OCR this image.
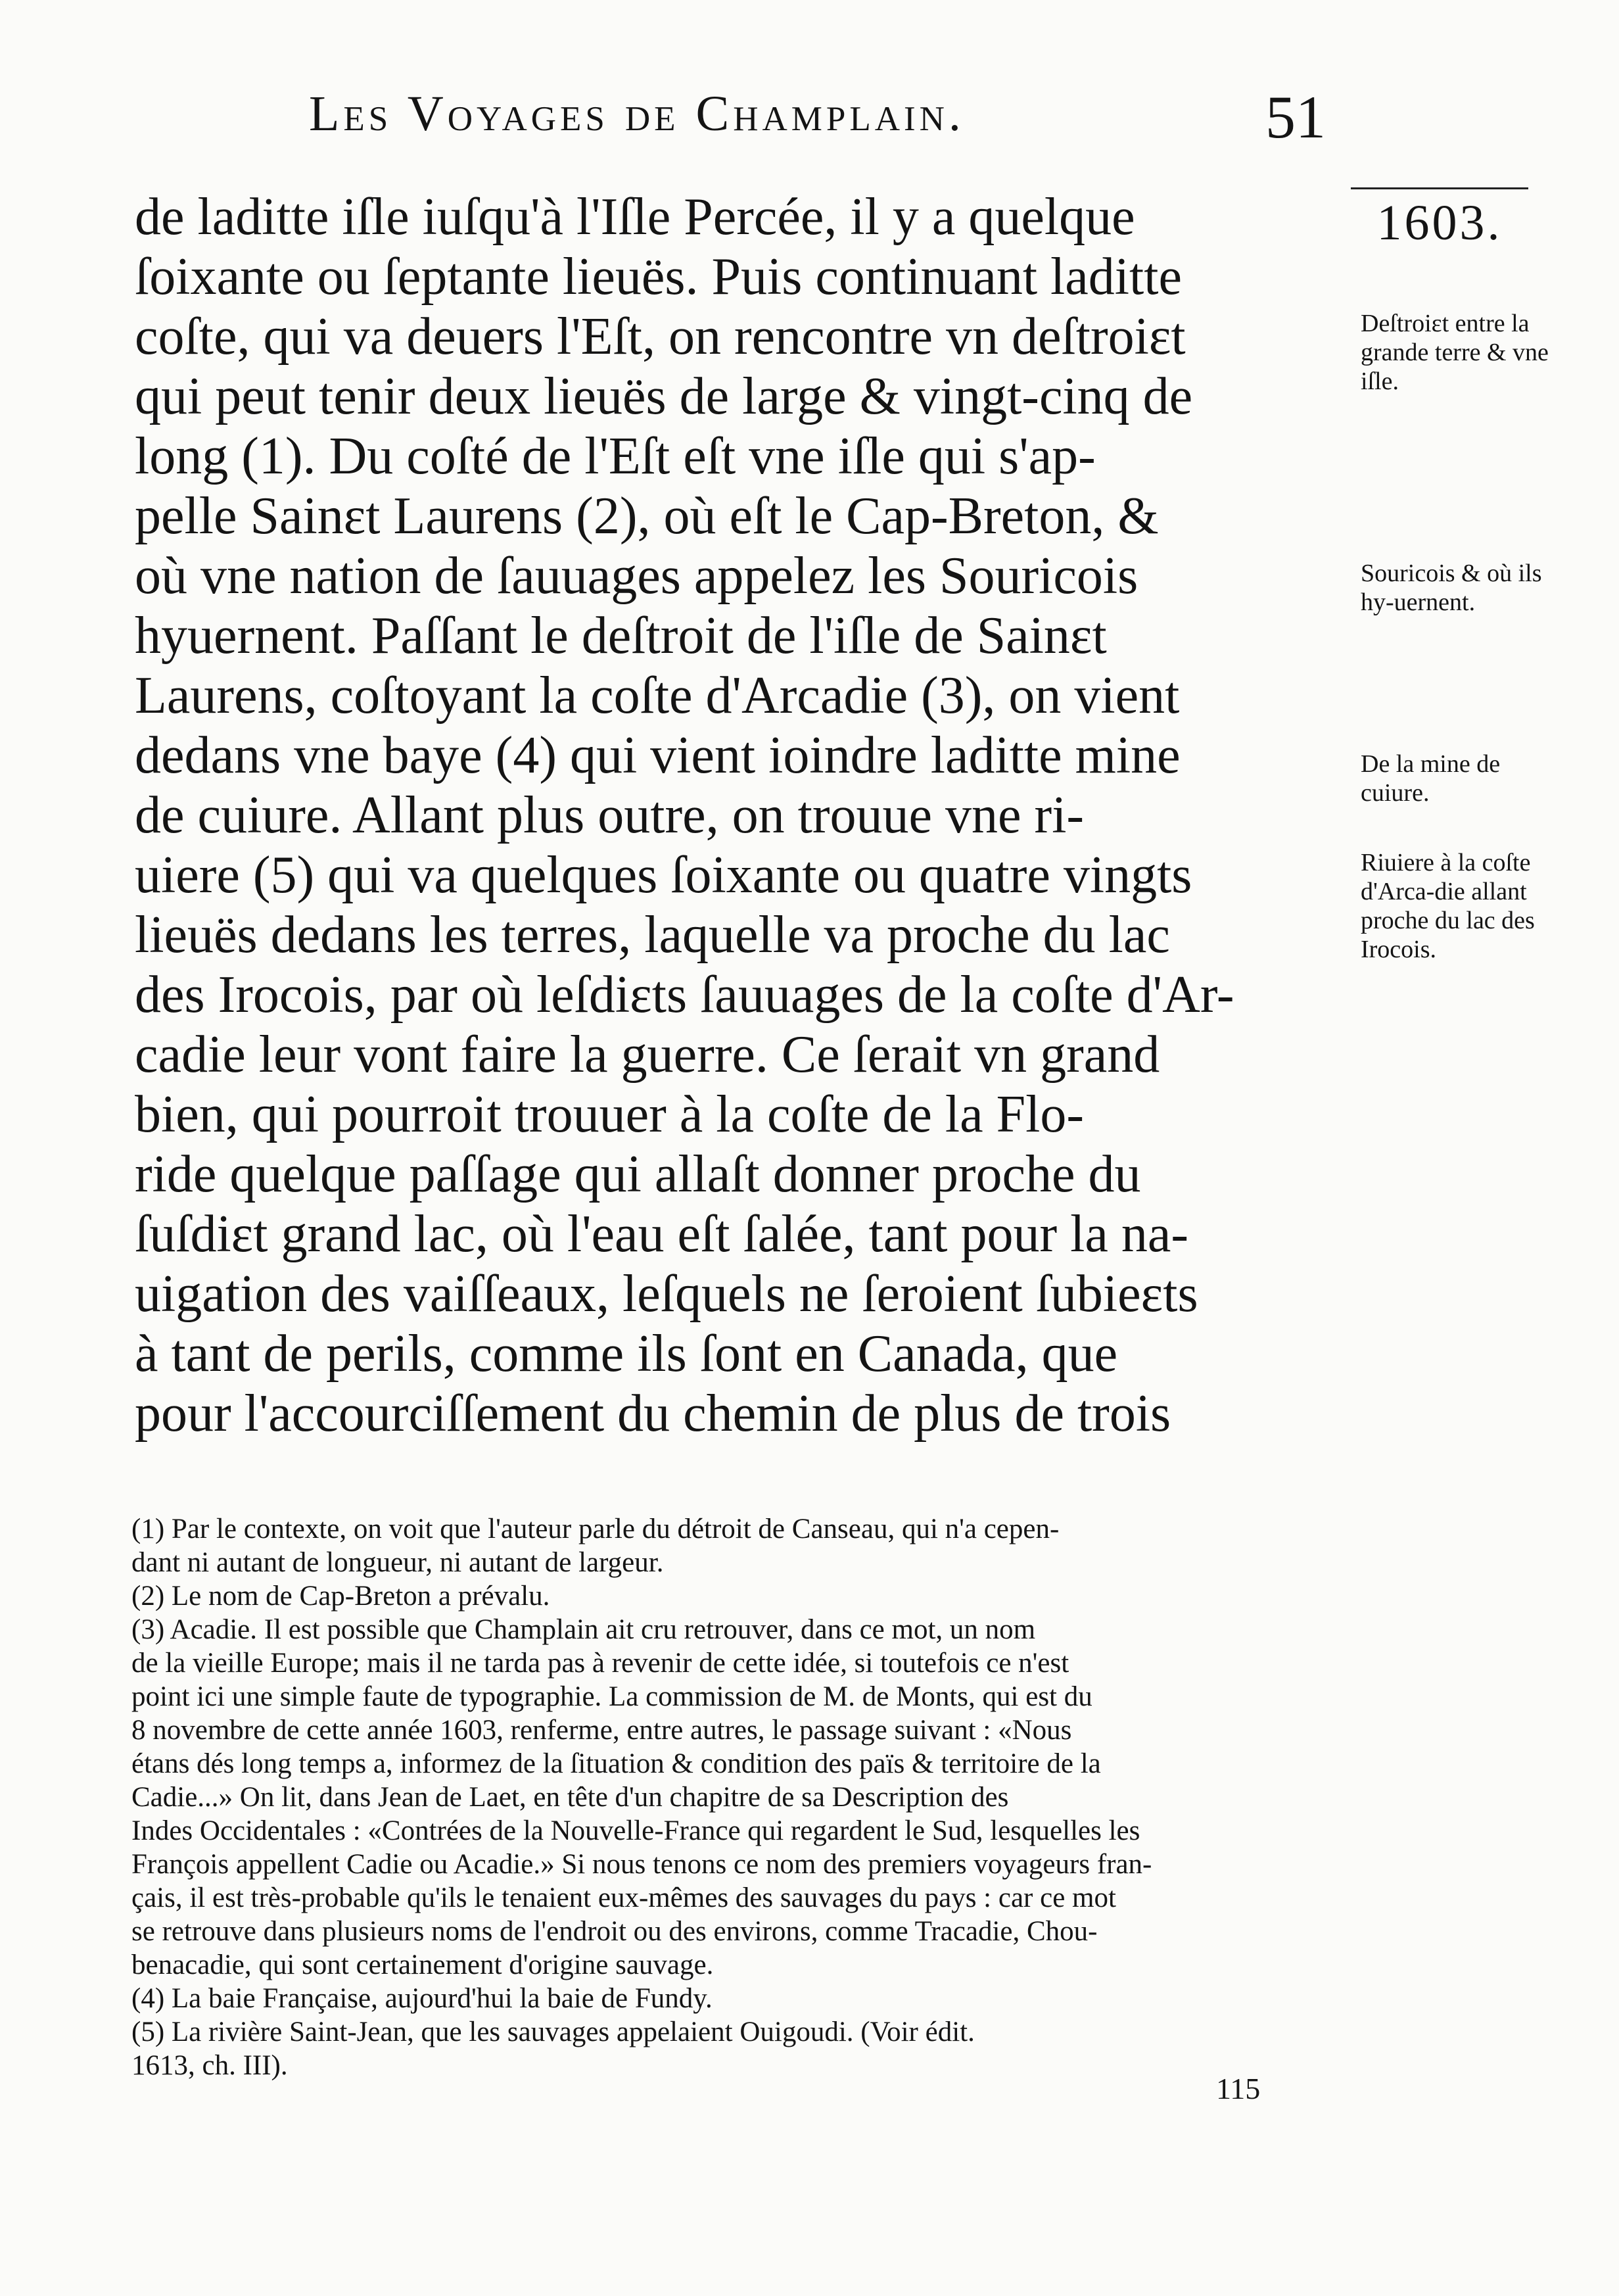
Les Voyages de Champlain.	51
de laditte iſle iuſqu'à l'Iſle Percée, il y a quelque
ſoixante ou ſeptante lieuës. Puis continuant laditte
coſte, qui va deuers l'Eſt, on rencontre vn deſtroiɛt
qui peut tenir deux lieuës de large & vingt-cinq de
long (1). Du coſté de l'Eſt eſt vne iſle qui s'ap-
pelle Sainɛt Laurens (2), où eſt le Cap-Breton, &
où vne nation de ſauuages appelez les Souricois
hyuernent. Paſſant le deſtroit de l'iſle de Sainɛt
Laurens, coſtoyant la coſte d'Arcadie (3), on vient
dedans vne baye (4) qui vient ioindre laditte mine
de cuiure. Allant plus outre, on trouue vne ri-
uiere (5) qui va quelques ſoixante ou quatre vingts
lieuës dedans les terres, laquelle va proche du lac
des Irocois, par où leſdiɛts ſauuages de la coſte d'Ar-
cadie leur vont faire la guerre. Ce ſerait vn grand
bien, qui pourroit trouuer à la coſte de la Flo-
ride quelque paſſage qui allaſt donner proche du
ſuſdiɛt grand lac, où l'eau eſt ſalée, tant pour la na-
uigation des vaiſſeaux, leſquels ne ſeroient ſubieɛts
à tant de perils, comme ils ſont en Canada, que
pour l'accourciſſement du chemin de plus de trois
1603.
Deſtroiɛt entre la grande terre & vne iſle.
Souricois & où ils hy-uernent.
De la mine de cuiure.
Riuiere à la coſte d'Arca-die allant proche du lac des Irocois.
(1) Par le contexte, on voit que l'auteur parle du détroit de Canseau, qui n'a cepen-
dant ni autant de longueur, ni autant de largeur.
(2) Le nom de Cap-Breton a prévalu.
(3) Acadie. Il est possible que Champlain ait cru retrouver, dans ce mot, un nom
de la vieille Europe; mais il ne tarda pas à revenir de cette idée, si toutefois ce n'est
point ici une simple faute de typographie. La commission de M. de Monts, qui est du
8 novembre de cette année 1603, renferme, entre autres, le passage suivant : «Nous
étans dés long temps a, informez de la ſituation & condition des païs & territoire de la
Cadie...» On lit, dans Jean de Laet, en tête d'un chapitre de sa Description des
Indes Occidentales : «Contrées de la Nouvelle-France qui regardent le Sud, lesquelles les
François appellent Cadie ou Acadie.» Si nous tenons ce nom des premiers voyageurs fran-
çais, il est très-probable qu'ils le tenaient eux-mêmes des sauvages du pays : car ce mot
se retrouve dans plusieurs noms de l'endroit ou des environs, comme Tracadie, Chou-
benacadie, qui sont certainement d'origine sauvage.
(4) La baie Française, aujourd'hui la baie de Fundy.
(5) La rivière Saint-Jean, que les sauvages appelaient Ouigoudi. (Voir édit.
1613, ch. III).
115
